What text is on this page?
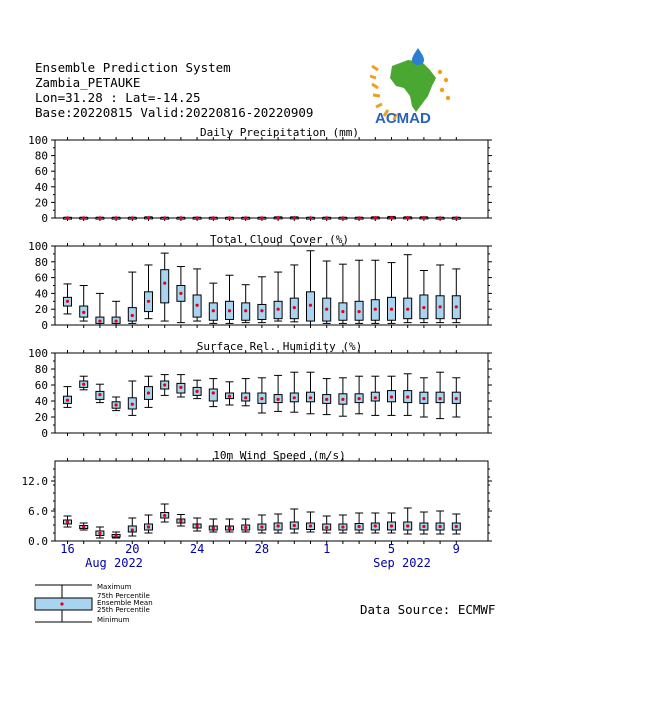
Ensemble Prediction System
Zambia_PETAUKE
Lon=31.28 : Lat=-14.25
Base:20220815 Valid:20220816-20220909	ACMAD
Daily Precipitation (mm)
0
20
40
60
80
100
Total Cloud Cover (%)
0
20
40
60
80
100
Surface Rel. Humidity (%)
0
20
40
60
80
100
10m Wind Speed (m/s)
0.0
6.0
12.0
16	20	24	28	1	5	9
Aug 2022	Sep 2022
Maximum
75th Percentile
Ensemble Mean
25th Percentile
Minimum
Data Source: ECMWF
